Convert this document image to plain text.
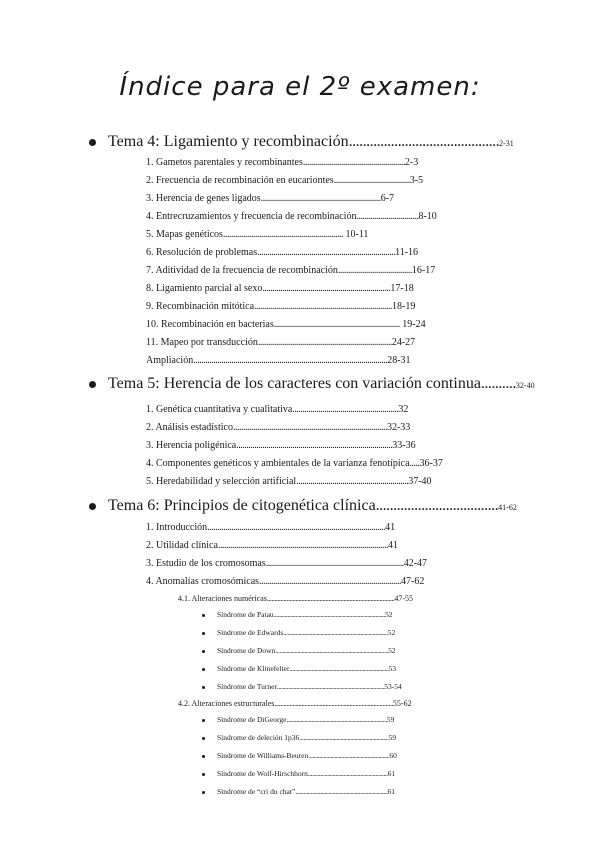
Índice para el 2º examen:
Tema 4: Ligamiento y recombinación...........................................2-31
1. Gametos parentales y recombinantes...................................................2-3
2. Frecuencia de recombinación en eucariontes......................................3-5
3. Herencia de genes ligados............................................................6-7
4. Entrecruzamientos y frecuencia de recombinación...............................8-10
5. Mapas genéticos............................................................ 10-11
6. Resolución de problemas.....................................................................11-16
7. Aditividad de la frecuencia de recombinación.....................................16-17
8. Ligamiento parcial al sexo................................................................17-18
9. Recombinación mitótica.....................................................................18-19
10. Recombinación en bacterias............................................................... 19-24
11. Mapeo por transducción...................................................................24-27
Ampliación.................................................................................................28-31
Tema 5: Herencia de los caracteres con variación continua..........32-40
1. Genética cuantitativa y cualitativa.....................................................32
2. Análisis estadístico.............................................................................32-33
3. Herencia poligénica..............................................................................33-36
4. Componentes genéticos y ambientales de la varianza fenotípica.....36-37
5. Heredabilidad y selección artificial........................................................37-40
Tema 6: Principios de citogenética clínica...................................41-62
1. Introducción.........................................................................................41
2. Utilidad clínica.....................................................................................41
3. Estudio de los cromosomas.....................................................................42-47
4. Anomalías cromosómicas.......................................................................47-62
4.1. Alteraciones numéricas.....................................................................................47-55
Síndrome de Patau.................................................................................52
Síndrome de Edwards............................................................................52
Síndrome de Down..................................................................................52
Síndrome de Klinefelter........................................................................53
Síndrome de Turner..............................................................................53-54
4.2. Alteraciones estructurales...............................................................................55-62
Síndrome de DiGeorge.........................................................................59
Síndrome de deleción 1p36.................................................................59
Síndrome de Williams-Beuren...........................................................60
Síndrome de Wolf-Hirschhorn..........................................................61
Síndrome de “cri du chat”...................................................................61
